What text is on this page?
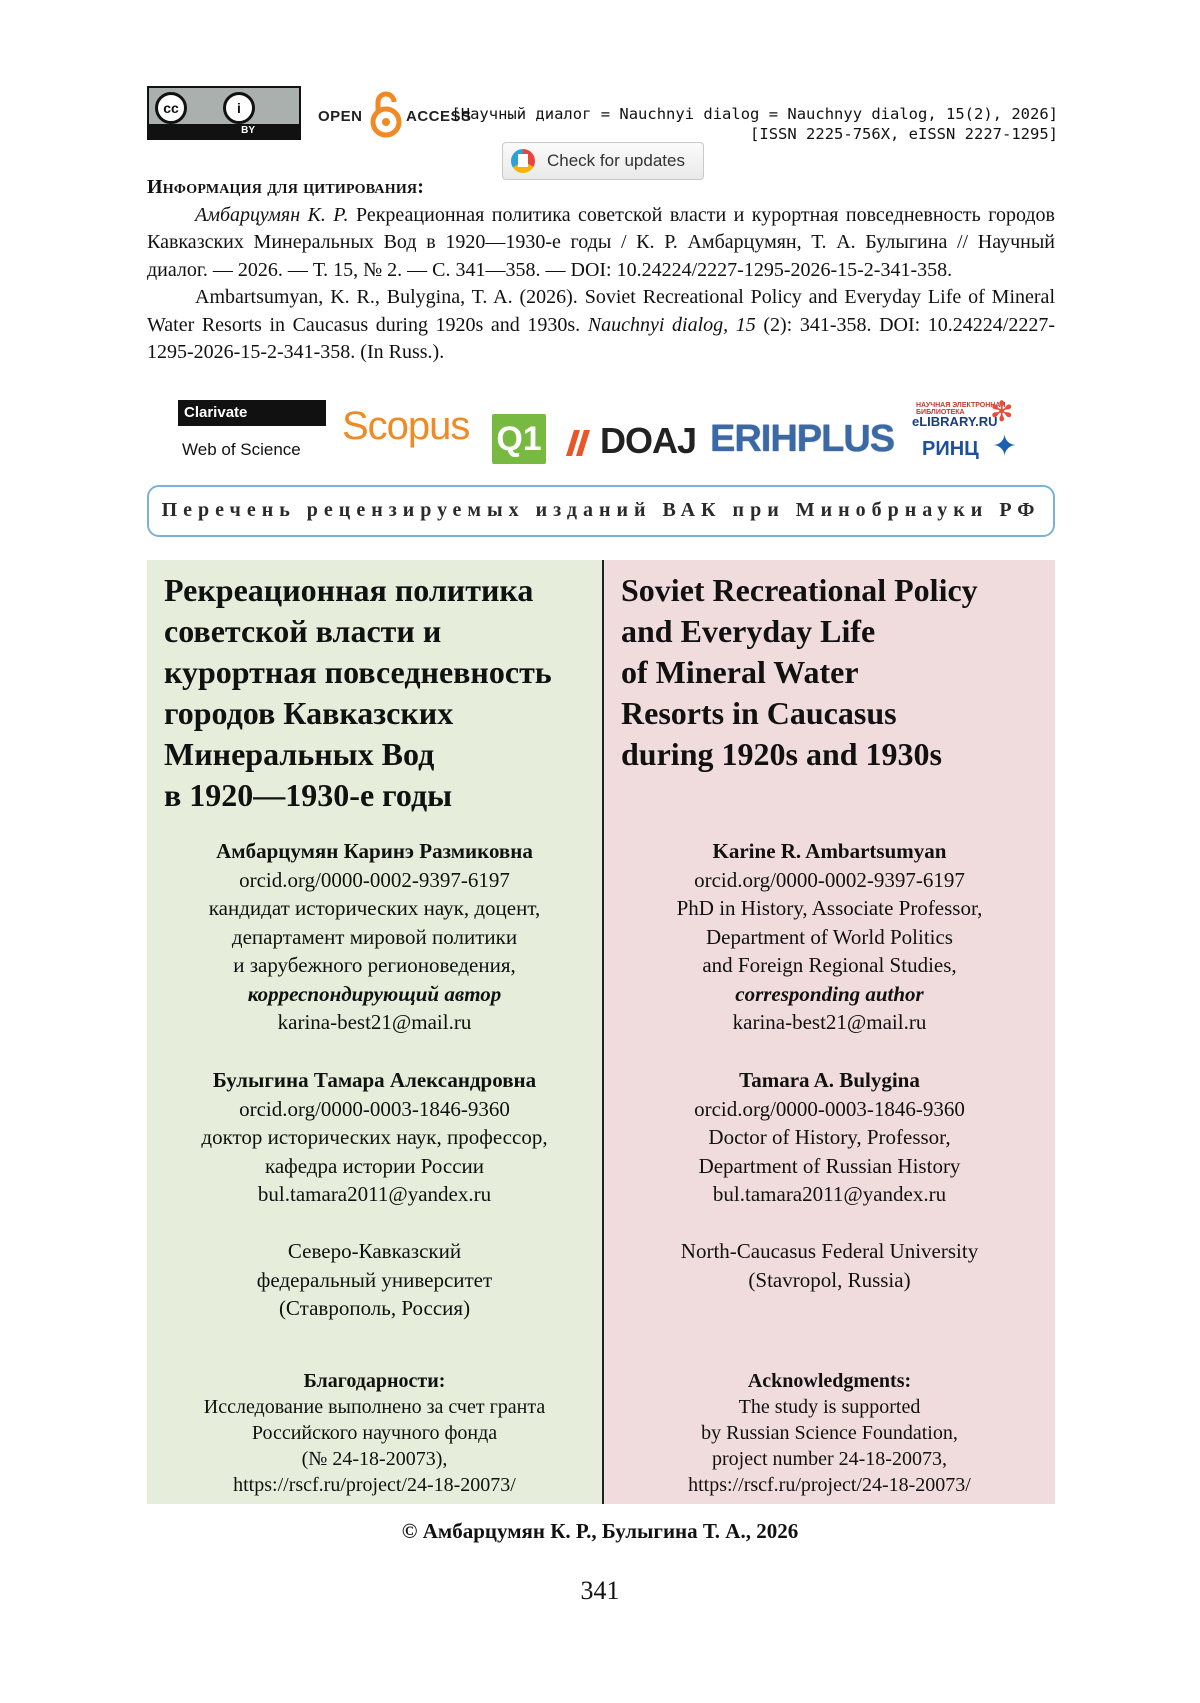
cc	i
BY
OPEN	ACCESS
[Научный диалог = Nauchnyi dialog = Nauchnyy dialog, 15(2), 2026]
[ISSN 2225-756X, eISSN 2227-1295]
Check for updates
Информация для цитирования:

Амбарцумян К. Р. Рекреационная политика советской власти и курортная повседневность городов Кавказских Минеральных Вод в 1920—1930-е годы / К. Р. Амбарцумян, Т. А. Булыгина // Научный диалог. — 2026. — Т. 15, № 2. — С. 341—358. — DOI: 10.24224/2227-1295-2026-15-2-341-358.

Ambartsumyan, K. R., Bulygina, T. A. (2026). Soviet Recreational Policy and Everyday Life of Mineral Water Resorts in Caucasus during 1920s and 1930s. Nauchnyi dialog, 15 (2): 341-358. DOI: 10.24224/2227-1295-2026-15-2-341-358. (In Russ.).

Clarivate
Web of Science
Scopus Q1 DOAJ ERIHPLUS
НАУЧНАЯ ЭЛЕКТРОННАЯ БИБЛИОТЕКА
eLIBRARY.RU
РИНЦ
✻
✦
Перечень рецензируемых изданий ВАК при Минобрнауки РФ
Рекреационная политика
советской власти и
курортная повседневность
городов Кавказских
Минеральных Вод
в 1920—1930-е годы
Амбарцумян Каринэ Размиковна
orcid.org/0000-0002-9397-6197
кандидат исторических наук, доцент,
департамент мировой политики
и зарубежного регионоведения,
корреспондирующий автор
karina-best21@mail.ru
Булыгина Тамара Александровна
orcid.org/0000-0003-1846-9360
доктор исторических наук, профессор,
кафедра истории России
bul.tamara2011@yandex.ru
Северо-Кавказский
федеральный университет
(Ставрополь, Россия)
Благодарности:
Исследование выполнено за счет гранта
Российского научного фонда
(№ 24-18-20073),
https://rscf.ru/project/24-18-20073/
Soviet Recreational Policy
and Everyday Life
of Mineral Water
Resorts in Caucasus
during 1920s and 1930s
Karine R. Ambartsumyan
orcid.org/0000-0002-9397-6197
PhD in History, Associate Professor,
Department of World Politics
and Foreign Regional Studies,
corresponding author
karina-best21@mail.ru
Tamara A. Bulygina
orcid.org/0000-0003-1846-9360
Doctor of History, Professor,
Department of Russian History
bul.tamara2011@yandex.ru
North-Caucasus Federal University
(Stavropol, Russia)
Acknowledgments:
The study is supported
by Russian Science Foundation,
project number 24-18-20073,
https://rscf.ru/project/24-18-20073/
© Амбарцумян К. Р., Булыгина Т. А., 2026
341
